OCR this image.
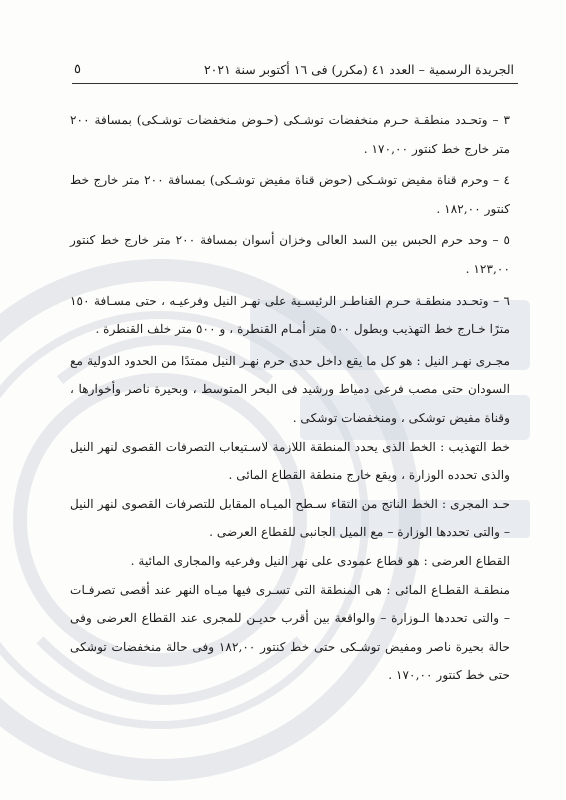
الجريدة الرسمية – العدد ٤١ (مكرر) فى ١٦ أكتوبر سنة ٢٠٢١
٥

٣ – وتحـدد منطقـة حـرم منخفضات توشـكى (حـوض منخفضات توشـكى) بمسافة ٢٠٠ متر خارج خط كنتور ١٧٠,٠٠ .

٤ – وحرم قناة مفيض توشـكى (حوض قناة مفيض توشـكى) بمسافة ٢٠٠ متر خارج خط كنتور ١٨٢,٠٠ .

٥ – وحد حرم الحبس بين السد العالى وخزان أسوان بمسافة ٢٠٠ متر خارج خط كنتور ١٢٣,٠٠ .

٦ – وتحـدد منطقـة حـرم القناطـر الرئيسـية على نهـر النيل وفرعيـه ، حتى مسـافة ١٥٠ مترًا خـارج خط التهذيب وبطول ٥٠٠ متر أمـام القنطرة ، و ٥٠٠ متر خلف القنطرة .

مجـرى نهـر النيل : هو كل ما يقع داخل حدى حرم نهـر النيل ممتدًا من الحدود الدولية مع السودان حتى مصب فرعى دمياط ورشيد فى البحر المتوسط ، وبحيرة ناصر وأخوارها ، وقناة مفيض توشكى ، ومنخفضات توشكى .

خط التهذيب : الخط الذى يحدد المنطقة اللازمة لاسـتيعاب التصرفات القصوى لنهر النيل والذى تحدده الوزارة ، ويقع خارج منطقة القطاع المائى .

حـد المجرى : الخط الناتج من التقاء سـطح الميـاه المقابل للتصرفات القصوى لنهر النيل – والتى تحددها الوزارة – مع الميل الجانبى للقطاع العرضى .

القطاع العرضى : هو قطاع عمودى على نهر النيل وفرعيه والمجارى المائية .

منطقـة القطـاع المائى : هى المنطقة التى تسـرى فيها ميـاه النهر عند أقصى تصرفـات – والتى تحددها الـوزارة – والواقعة بين أقرب حديـن للمجرى عند القطاع العرضى وفى حالة بحيرة ناصر ومفيض توشـكى حتى خط كنتور ١٨٢,٠٠ وفى حالة منخفضات توشكى حتى خط كنتور ١٧٠,٠٠ .
